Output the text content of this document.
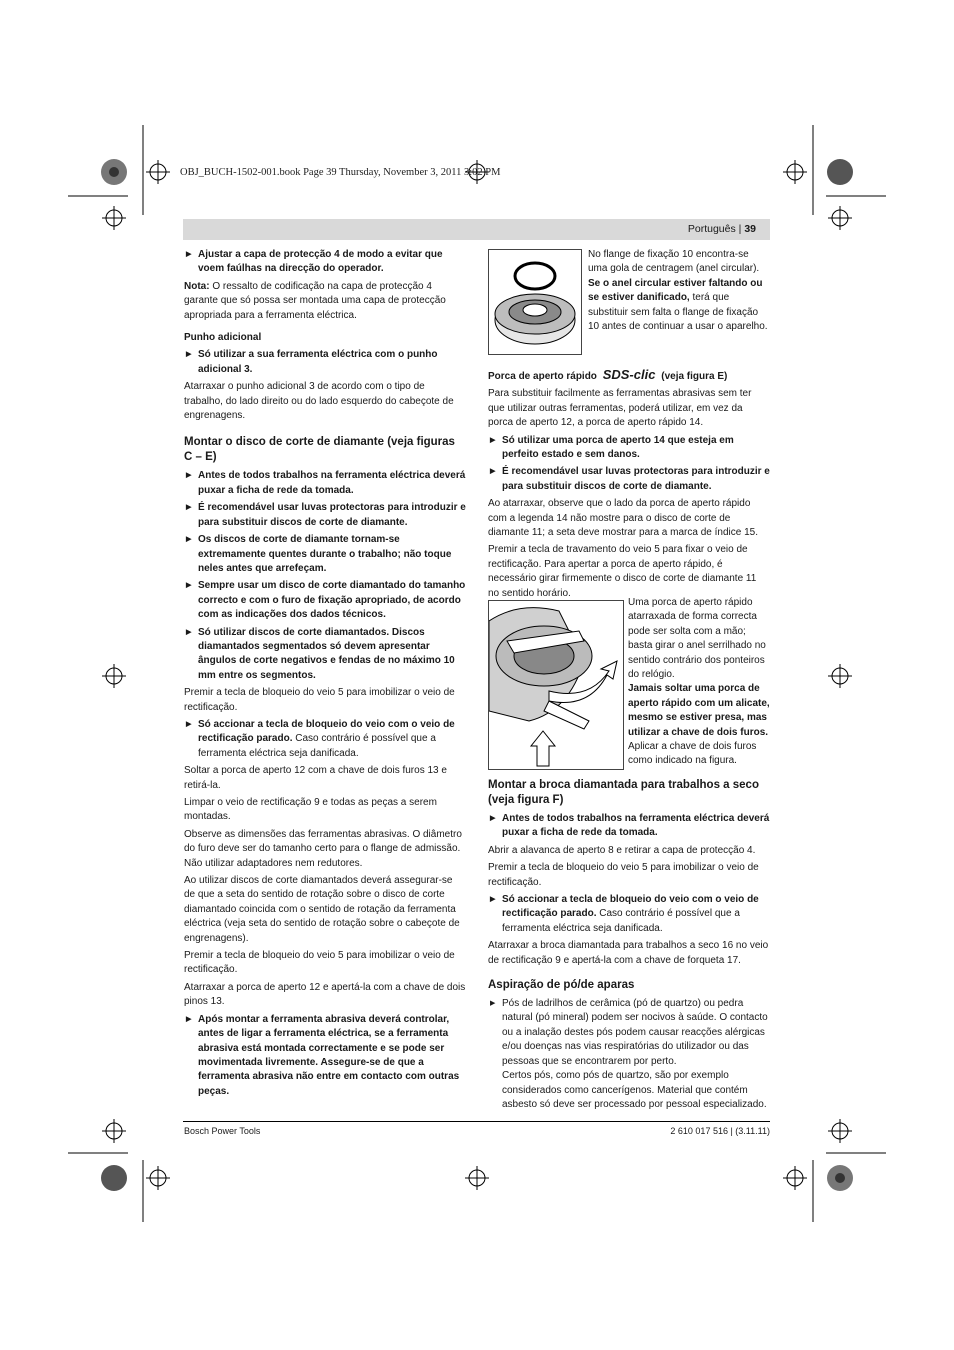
OBJ_BUCH-1502-001.book Page 39 Thursday, November 3, 2011 3:02 PM
Português | 39
▶ Ajustar a capa de protecção 4 de modo a evitar que voem faúlhas na direcção do operador.

Nota: O ressalto de codificação na capa de protecção 4 garante que só possa ser montada uma capa de protecção apropriada para a ferramenta eléctrica.

Punho adicional
▶ Só utilizar a sua ferramenta eléctrica com o punho adicional 3.

Atarraxar o punho adicional 3 de acordo com o tipo de trabalho, do lado direito ou do lado esquerdo do cabeçote de engrenagens.

Montar o disco de corte de diamante (veja figuras C – E)
▶ Antes de todos trabalhos na ferramenta eléctrica deverá puxar a ficha de rede da tomada.
▶ É recomendável usar luvas protectoras para introduzir e para substituir discos de corte de diamante.
▶ Os discos de corte de diamante tornam-se extremamente quentes durante o trabalho; não toque neles antes que arrefeçam.
▶ Sempre usar um disco de corte diamantado do tamanho correcto e com o furo de fixação apropriado, de acordo com as indicações dos dados técnicos.
▶ Só utilizar discos de corte diamantados. Discos diamantados segmentados só devem apresentar ângulos de corte negativos e fendas de no máximo 10 mm entre os segmentos.

Premir a tecla de bloqueio do veio 5 para imobilizar o veio de rectificação.

▶ Só accionar a tecla de bloqueio do veio com o veio de rectificação parado. Caso contrário é possível que a ferramenta eléctrica seja danificada.

Soltar a porca de aperto 12 com a chave de dois furos 13 e retirá-la.

Limpar o veio de rectificação 9 e todas as peças a serem montadas.

Observe as dimensões das ferramentas abrasivas. O diâmetro do furo deve ser do tamanho certo para o flange de admissão. Não utilizar adaptadores nem redutores.

Ao utilizar discos de corte diamantados deverá assegurar-se de que a seta do sentido de rotação sobre o disco de corte diamantado coincida com o sentido de rotação da ferramenta eléctrica (veja seta do sentido de rotação sobre o cabeçote de engrenagens).

Premir a tecla de bloqueio do veio 5 para imobilizar o veio de rectificação.

Atarraxar a porca de aperto 12 e apertá-la com a chave de dois pinos 13.

▶ Após montar a ferramenta abrasiva deverá controlar, antes de ligar a ferramenta eléctrica, se a ferramenta abrasiva está montada correctamente e se pode ser movimentada livremente. Assegure-se de que a ferramenta abrasiva não entre em contacto com outras peças.

No flange de fixação 10 encontra-se uma gola de centragem (anel circular). Se o anel circular estiver faltando ou se estiver danificado, terá que substituir sem falta o flange de fixação 10 antes de continuar a usar o aparelho.

Porca de aperto rápido SDS-clic (veja figura E)

Para substituir facilmente as ferramentas abrasivas sem ter que utilizar outras ferramentas, poderá utilizar, em vez da porca de aperto 12, a porca de aperto rápido 14.

▶ Só utilizar uma porca de aperto 14 que esteja em perfeito estado e sem danos.
▶ É recomendável usar luvas protectoras para introduzir e para substituir discos de corte de diamante.

Ao atarraxar, observe que o lado da porca de aperto rápido com a legenda 14 não mostre para o disco de corte de diamante 11; a seta deve mostrar para a marca de índice 15.

Premir a tecla de travamento do veio 5 para fixar o veio de rectificação. Para apertar a porca de aperto rápido, é necessário girar firmemente o disco de corte de diamante 11 no sentido horário.

Uma porca de aperto rápido atarraxada de forma correcta pode ser solta com a mão; basta girar o anel serrilhado no sentido contrário dos ponteiros do relógio.
Jamais soltar uma porca de aperto rápido com um alicate, mesmo se estiver presa, mas utilizar a chave de dois furos. Aplicar a chave de dois furos como indicado na figura.

Montar a broca diamantada para trabalhos a seco (veja figura F)
▶ Antes de todos trabalhos na ferramenta eléctrica deverá puxar a ficha de rede da tomada.

Abrir a alavanca de aperto 8 e retirar a capa de protecção 4.

Premir a tecla de bloqueio do veio 5 para imobilizar o veio de rectificação.

▶ Só accionar a tecla de bloqueio do veio com o veio de rectificação parado. Caso contrário é possível que a ferramenta eléctrica seja danificada.

Atarraxar a broca diamantada para trabalhos a seco 16 no veio de rectificação 9 e apertá-la com a chave de forqueta 17.

Aspiração de pó/de aparas
▶ Pós de ladrilhos de cerâmica (pó de quartzo) ou pedra natural (pó mineral) podem ser nocivos à saúde. O contacto ou a inalação destes pós podem causar reacções alérgicas e/ou doenças nas vias respiratórias do utilizador ou das pessoas que se encontrarem por perto.
Certos pós, como pós de quartzo, são por exemplo considerados como cancerígenos. Material que contém asbesto só deve ser processado por pessoal especializado.
Bosch Power Tools	2 610 017 516 | (3.11.11)
